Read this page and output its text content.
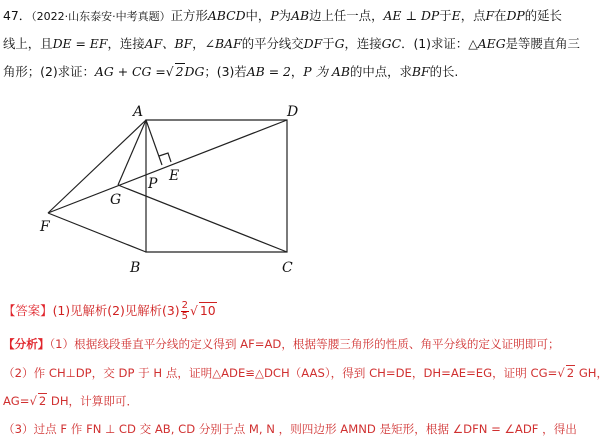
47．（2022·山东泰安·中考真题）正方形ABCD中，P为AB边上任一点，AE ⊥ DP于E，点F在DP的延长
线上，且DE = EF，连接AF、BF，∠BAF的平分线交DF于G，连接GC．(1)求证：△AEG是等腰直角三
角形；(2)求证：AG + CG =√ 2DG；(3)若AB = 2，P 为 AB的中点，求BF的长.
A	D
B	C
E
P
G
F
【答案】(1)见解析(2)见解析$(3) \frac{2}{5}$ √ 10
【分析】（1）根据线段垂直平分线的定义得到 AF=AD，根据等腰三角形的性质、角平分线的定义证明即可；
（2）作 CH⊥DP，交 DP 于 H 点，证明△ADE≌△DCH（AAS），得到 CH=DE，DH=AE=EG，证明 CG=√ 2 GH，
AG=√ 2 DH，计算即可．
（3）过点 F 作 FN ⊥ CD 交 AB, CD 分别于点 M, N ，则四边形 AMND 是矩形，根据 ∠DFN = ∠ADF ，得出
